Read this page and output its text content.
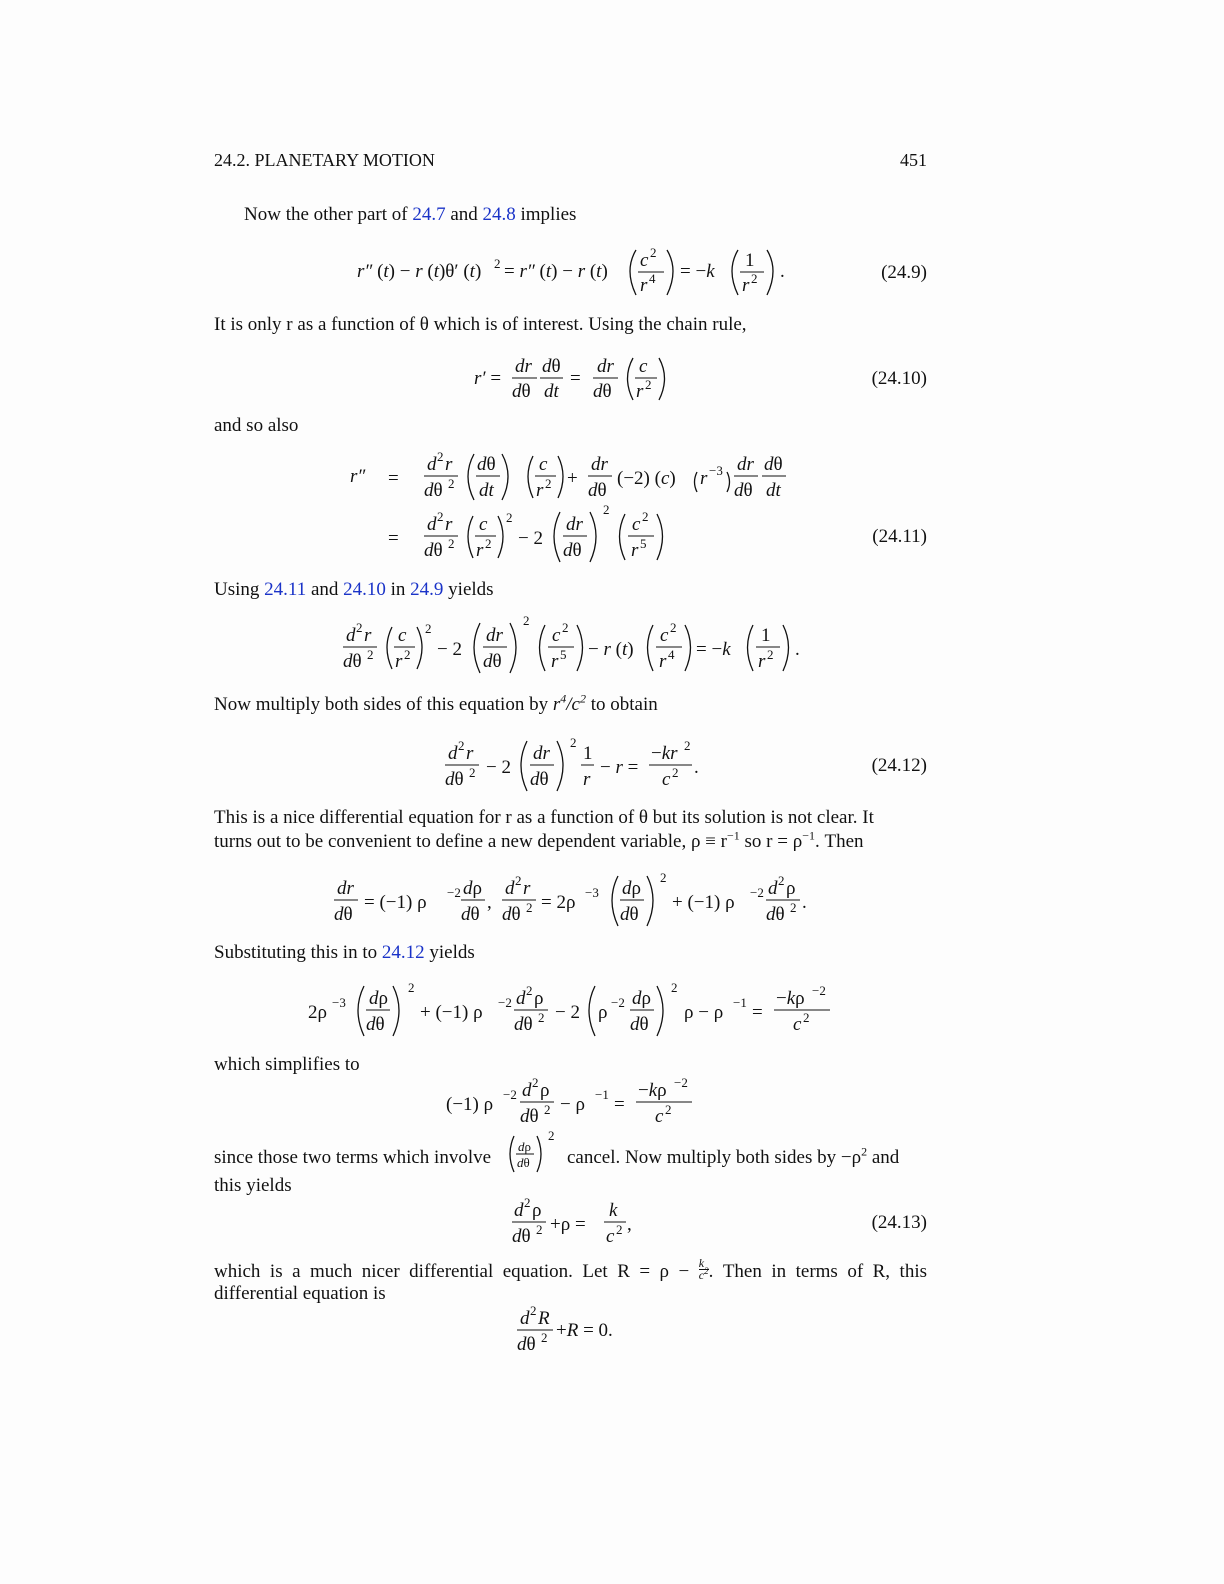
24.2. PLANETARY MOTION	451
Now the other part of 24.7 and 24.8 implies
r″ (t) − r (t)θ′ (t) 2 = r″ (t) − r (t)
c 2
r 4 = −k
1
r 2 .	(24.9)
It is only r as a function of θ which is of interest. Using the chain rule,
r′ =
dr
dθ
dθ
dt
=
dr
dθ
c
r 2	(24.10)
and so also
r″ =
d 2 r
dθ 2
dθ
dt
c
r 2 +
dr
dθ
(−2) (c) r −3 dr
dθ
dθ
dt
=
d 2 r
dθ 2
c
r 2
2
− 2
dr
dθ
2
c 2
r 5	(24.11)
Using 24.11 and 24.10 in 24.9 yields
d 2 r
dθ 2
c
r 2
2
− 2
dr
dθ
2
c 2
r 5 − r (t)
c 2
r 4 = −k
1
r 2 .
Now multiply both sides of this equation by $r^4/c^2$ to obtain
d 2 r
dθ 2 − 2
dr
dθ
2
1
r
− r =
−kr 2
c 2 .	(24.12)
This is a nice differential equation for r as a function of θ but its solution is not clear. It
turns out to be convenient to define a new dependent variable, $\rho \equiv r^{-1}$ so $r = \rho^{-1}$. Then
dr
dθ
= (−1) ρ −2 dρ
dθ
,
d 2 r
dθ 2 = 2ρ −3 dρ
dθ
2
+ (−1) ρ −2 d 2 ρ
dθ 2 .
Substituting this in to 24.12 yields
2ρ −3 dρ
dθ
2
+ (−1) ρ −2 d 2 ρ
dθ 2 − 2 ρ −2 dρ
dθ
2
ρ − ρ −1 =
−kρ −2
c 2
which simplifies to
(−1) ρ −2 d 2 ρ
dθ 2 − ρ −1 =
−kρ −2
c 2
since those two terms which involve
dρ
dθ
2
cancel. Now multiply both sides by $-\rho^2$ and
this yields
d 2 ρ
dθ 2 +ρ =
k
c 2 ,	(24.13)
which is a much nicer differential equation. Let $R = \rho - \frac{k}{c^2}$ . Then in terms of R, this
differential equation is
d 2 R
dθ 2 +R = 0.
